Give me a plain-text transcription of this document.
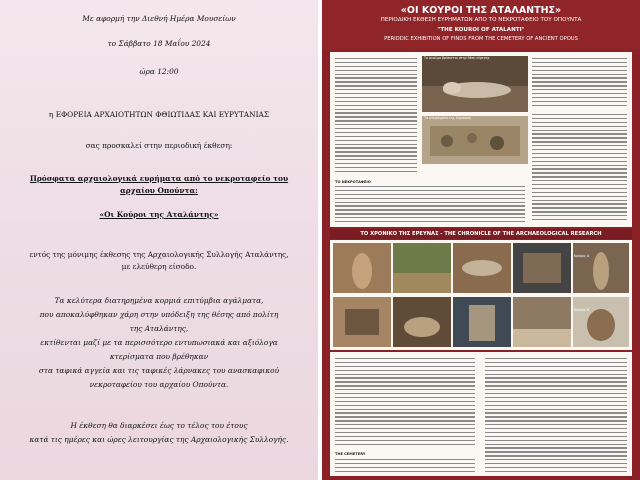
Με αφορμή την Διεθνή Ημέρα Μουσείων
το Σάββατο 18 Μαΐου 2024
ώρα 12:00
η ΕΦΟΡΕΙΑ ΑΡΧΑΙΟΤΗΤΩΝ ΦΘΙΩΤΙΔΑΣ ΚΑΙ ΕΥΡΥΤΑΝΙΑΣ
σας προσκαλεί στην περιοδική έκθεση:
Πρόσφατα αρχαιολογικά ευρήματα από το νεκροταφείο του
αρχαίου Οπούντα:
«Οι Κούροι της Αταλάντης»
εντός της μόνιμης έκθεσης της Αρχαιολογικής Συλλογής Αταλάντης,
με ελεύθερη είσοδο.
Τα κελύτερα διατηρημένα κορμιά επιτύμβια αγάλματα,
που αποκαλύφθηκαν χάρη στην υπόδειξη της θέσης από πολίτη
της Αταλάντης,
εκτίθενται μαζί με τα περισσότερο εντυπωσιακά και αξιόλογα
κτερίσματα που βρέθηκαν
στα ταφικά αγγεία και τις ταφικές λάρνακες του ανασκαφικού
νεκροταφείου του αρχαίου Οπούντα.
Η έκθεση θα διαρκέσει έως το τέλος του έτους
κατά τις ημέρες και ώρες λειτουργίας της Αρχαιολογικής Συλλογής.
«ΟΙ ΚΟΥΡΟΙ ΤΗΣ ΑΤΑΛΑΝΤΗΣ»
ΠΕΡΙΟΔΙΚΗ ΕΚΘΕΣΗ ΕΥΡΗΜΑΤΩΝ ΑΠΟ ΤΟ ΝΕΚΡΟΤΑΦΕΙΟ ΤΟΥ ΟΠΟΥΝΤΑ
"THE KOUROI OF ATALANTI"
PERIODIC EXHIBITION OF FINDS FROM THE CEMETERY OF ANCIENT OPOUS
Το άγαλμα βρίσκεται στην θέση εύρεσης
Τα κτερίσματα της λάρνακας
ΤΟ ΝΕΚΡΟΤΑΦΕΙΟ
ΤΟ ΧΡΟΝΙΚΟ ΤΗΣ ΕΡΕΥΝΑΣ - THE CHRONICLE OF THE ARCHAEOLOGICAL RESEARCH
THE CEMETERY
Κούρος Α
Κούρος Β
